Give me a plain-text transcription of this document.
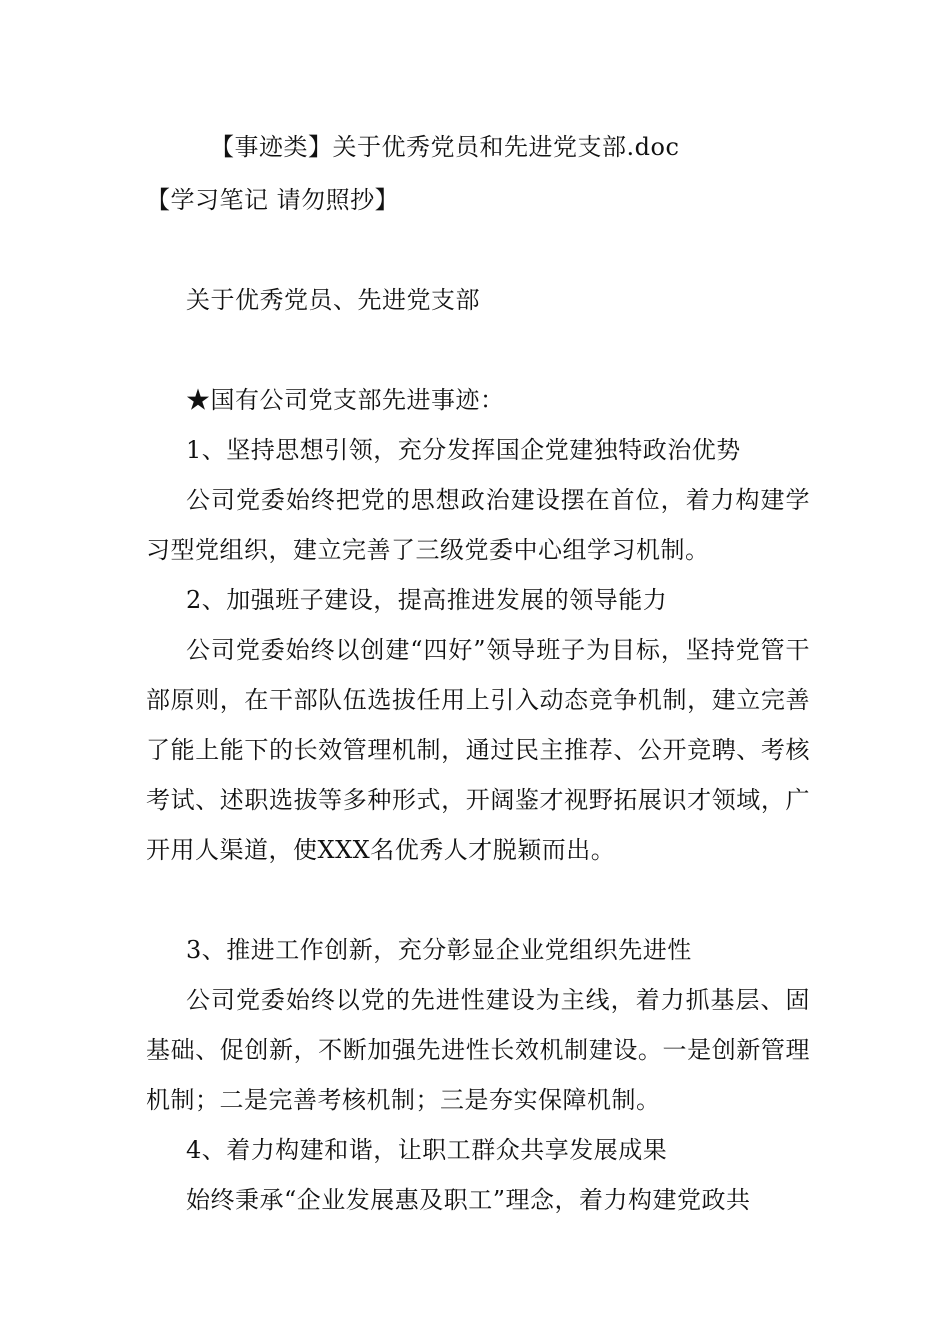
【事迹类】关于优秀党员和先进党支部.doc
【学习笔记 请勿照抄】
关于优秀党员、先进党支部
★国有公司党支部先进事迹：
1、坚持思想引领，充分发挥国企党建独特政治优势

公司党委始终把党的思想政治建设摆在首位，着力构建学习型党组织，建立完善了三级党委中心组学习机制。

2、加强班子建设，提高推进发展的领导能力

公司党委始终以创建“四好”领导班子为目标，坚持党管干部原则，在干部队伍选拔任用上引入动态竞争机制，建立完善了能上能下的长效管理机制，通过民主推荐、公开竞聘、考核考试、述职选拔等多种形式，开阔鉴才视野拓展识才领域，广开用人渠道，使XXX名优秀人才脱颖而出。

3、推进工作创新，充分彰显企业党组织先进性

公司党委始终以党的先进性建设为主线，着力抓基层、固基础、促创新，不断加强先进性长效机制建设。一是创新管理机制；二是完善考核机制；三是夯实保障机制。

4、着力构建和谐，让职工群众共享发展成果

始终秉承“企业发展惠及职工”理念，着力构建党政共
